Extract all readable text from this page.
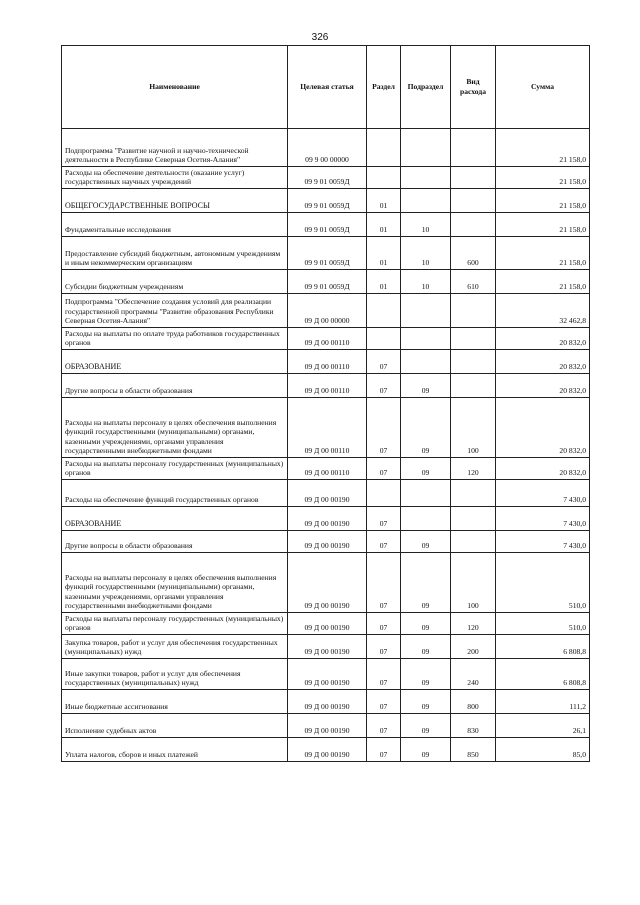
326
Наименование	Целевая статья	Раздел	Подраздел	Вид расхода	Сумма
Подпрограмма "Развитие научной и научно-технической деятельности в Республике Северная Осетия-Алания"	09 9 00 00000				21 158,0
Расходы на обеспечение деятельности (оказание услуг) государственных научных учреждений	09 9 01 0059Д				21 158,0
ОБЩЕГОСУДАРСТВЕННЫЕ ВОПРОСЫ	09 9 01 0059Д	01			21 158,0
Фундаментальные исследования	09 9 01 0059Д	01	10		21 158,0
Предоставление субсидий бюджетным, автономным учреждениям и иным некоммерческим организациям	09 9 01 0059Д	01	10	600	21 158,0
Субсидии бюджетным учреждениям	09 9 01 0059Д	01	10	610	21 158,0
Подпрограмма "Обеспечение создания условий для реализации государственной программы "Развитие образования Республики Северная Осетия-Алания"	09 Д 00 00000				32 462,8
Расходы на выплаты по оплате труда работников государственных органов	09 Д 00 00110				20 832,0
ОБРАЗОВАНИЕ	09 Д 00 00110	07			20 832,0
Другие вопросы в области образования	09 Д 00 00110	07	09		20 832,0
Расходы на выплаты персоналу в целях обеспечения выполнения функций государственными (муниципальными) органами, казенными учреждениями, органами управления государственными внебюджетными фондами	09 Д 00 00110	07	09	100	20 832,0
Расходы на выплаты персоналу государственных (муниципальных) органов	09 Д 00 00110	07	09	120	20 832,0
Расходы на обеспечение функций государственных органов	09 Д 00 00190				7 430,0
ОБРАЗОВАНИЕ	09 Д 00 00190	07			7 430,0
Другие вопросы в области образования	09 Д 00 00190	07	09		7 430,0
Расходы на выплаты персоналу в целях обеспечения выполнения функций государственными (муниципальными) органами, казенными учреждениями, органами управления государственными внебюджетными фондами	09 Д 00 00190	07	09	100	510,0
Расходы на выплаты персоналу государственных (муниципальных) органов	09 Д 00 00190	07	09	120	510,0
Закупка товаров, работ и услуг для обеспечения государственных (муниципальных) нужд	09 Д 00 00190	07	09	200	6 808,8
Иные закупки товаров, работ и услуг для обеспечения государственных (муниципальных) нужд	09 Д 00 00190	07	09	240	6 808,8
Иные бюджетные ассигнования	09 Д 00 00190	07	09	800	111,2
Исполнение судебных актов	09 Д 00 00190	07	09	830	26,1
Уплата налогов, сборов и иных платежей	09 Д 00 00190	07	09	850	85,0
